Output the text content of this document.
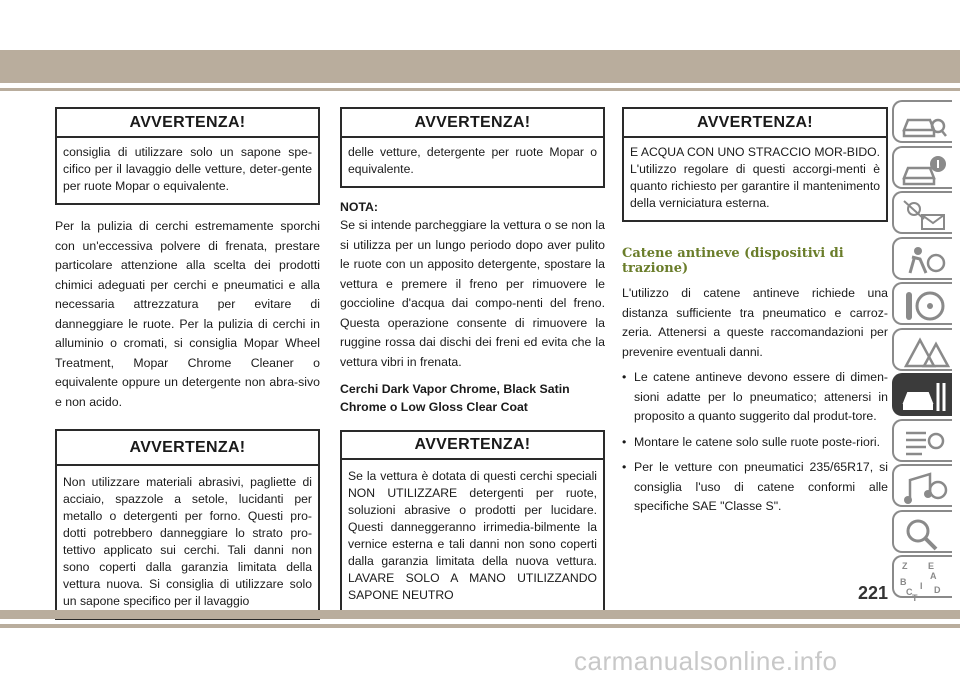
AVVERTENZA!
consiglia di utilizzare solo un sapone spe-cifico per il lavaggio delle vetture, deter-gente per ruote Mopar o equivalente.

Per la pulizia di cerchi estremamente sporchi con un'eccessiva polvere di frenata, prestare particolare attenzione alla scelta dei prodotti chimici adeguati per cerchi e pneumatici e alla necessaria attrezzatura per evitare di danneggiare le ruote. Per la pulizia di cerchi in alluminio o cromati, si consiglia Mopar Wheel Treatment, Mopar Chrome Cleaner o equivalente oppure un detergente non abra-sivo e non acido.

AVVERTENZA!
Non utilizzare materiali abrasivi, pagliette di acciaio, spazzole a setole, lucidanti per metallo o detergenti per forno. Questi pro-dotti potrebbero danneggiare lo strato pro-tettivo applicato sui cerchi. Tali danni non sono coperti dalla garanzia limitata della vettura nuova. Si consiglia di utilizzare solo un sapone specifico per il lavaggio
AVVERTENZA!
delle vetture, detergente per ruote Mopar o equivalente.

NOTA:

Se si intende parcheggiare la vettura o se non la si utilizza per un lungo periodo dopo aver pulito le ruote con un apposito detergente, spostare la vettura e premere il freno per rimuovere le goccioline d'acqua dai compo-nenti del freno. Questa operazione consente di rimuovere la ruggine rossa dai dischi dei freni ed evita che la vettura vibri in frenata.

Cerchi Dark Vapor Chrome, Black Satin Chrome o Low Gloss Clear Coat

AVVERTENZA!
Se la vettura è dotata di questi cerchi speciali NON UTILIZZARE detergenti per ruote, soluzioni abrasive o prodotti per lucidare. Questi danneggeranno irrimedia-bilmente la vernice esterna e tali danni non sono coperti dalla garanzia limitata della nuova vettura. LAVARE SOLO A MANO UTILIZZANDO SAPONE NEUTRO
AVVERTENZA!
E ACQUA CON UNO STRACCIO MOR-BIDO. L'utilizzo regolare di questi accorgi-menti è quanto richiesto per garantire il mantenimento della verniciatura esterna.

Catene antineve (dispositivi di trazione)

L'utilizzo di catene antineve richiede una distanza sufficiente tra pneumatico e carroz-zeria. Attenersi a queste raccomandazioni per prevenire eventuali danni.

• Le catene antineve devono essere di dimen-sioni adatte per lo pneumatico; attenersi in proposito a quanto suggerito dal produt-tore.
• Montare le catene solo sulle ruote poste-riori.
• Per le vetture con pneumatici 235/65R17, si consiglia l'uso di catene conformi alle specifiche SAE "Classe S".
Z E
B
A
C D
I
T
221
carmanualsonline.info
